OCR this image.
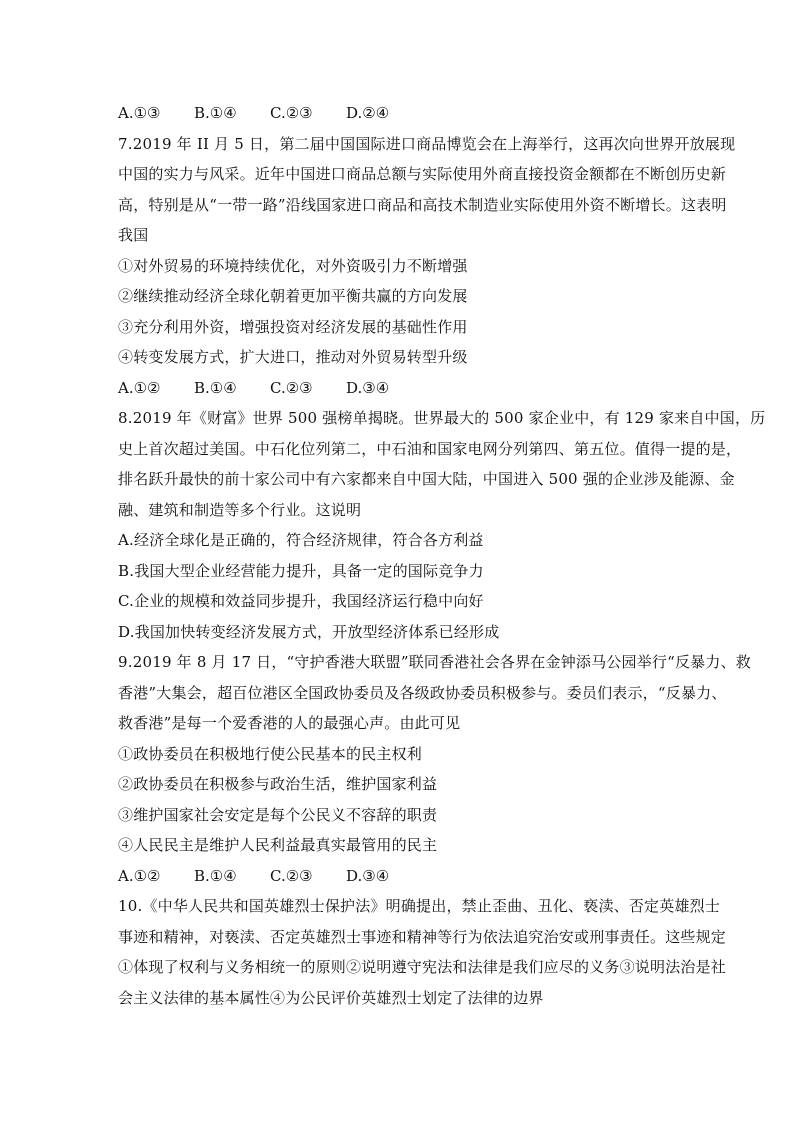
A.①③	B.①④	C.②③	D.②④
7.2019 年 II 月 5 日，第二届中国国际进口商品博览会在上海举行，这再次向世界开放展现
中国的实力与风采。近年中国进口商品总额与实际使用外商直接投资金额都在不断创历史新
高，特别是从“一带一路”沿线国家进口商品和高技术制造业实际使用外资不断增长。这表明
我国
①对外贸易的环境持续优化，对外资吸引力不断增强
②继续推动经济全球化朝着更加平衡共赢的方向发展
③充分利用外资，增强投资对经济发展的基础性作用
④转变发展方式，扩大进口，推动对外贸易转型升级
A.①②	B.①④	C.②③	D.③④
8.2019 年《财富》世界 500 强榜单揭晓。世界最大的 500 家企业中，有 129 家来自中国，历
史上首次超过美国。中石化位列第二，中石油和国家电网分列第四、第五位。值得一提的是，
排名跃升最快的前十家公司中有六家都来自中国大陆，中国进入 500 强的企业涉及能源、金
融、建筑和制造等多个行业。这说明
A.经济全球化是正确的，符合经济规律，符合各方利益
B.我国大型企业经营能力提升，具备一定的国际竞争力
C.企业的规模和效益同步提升，我国经济运行稳中向好
D.我国加快转变经济发展方式，开放型经济体系已经形成
9.2019 年 8 月 17 日，“守护香港大联盟”联同香港社会各界在金钟添马公园举行“反暴力、救
香港”大集会，超百位港区全国政协委员及各级政协委员积极参与。委员们表示，“反暴力、
救香港”是每一个爱香港的人的最强心声。由此可见
①政协委员在积极地行使公民基本的民主权利
②政协委员在积极参与政治生活，维护国家利益
③维护国家社会安定是每个公民义不容辞的职责
④人民民主是维护人民利益最真实最管用的民主
A.①②	B.①④	C.②③	D.③④
10.《中华人民共和国英雄烈士保护法》明确提出，禁止歪曲、丑化、亵渎、否定英雄烈士
事迹和精神，对亵渎、否定英雄烈士事迹和精神等行为依法追究治安或刑事责任。这些规定
①体现了权利与义务相统一的原则②说明遵守宪法和法律是我们应尽的义务③说明法治是社
会主义法律的基本属性④为公民评价英雄烈士划定了法律的边界
